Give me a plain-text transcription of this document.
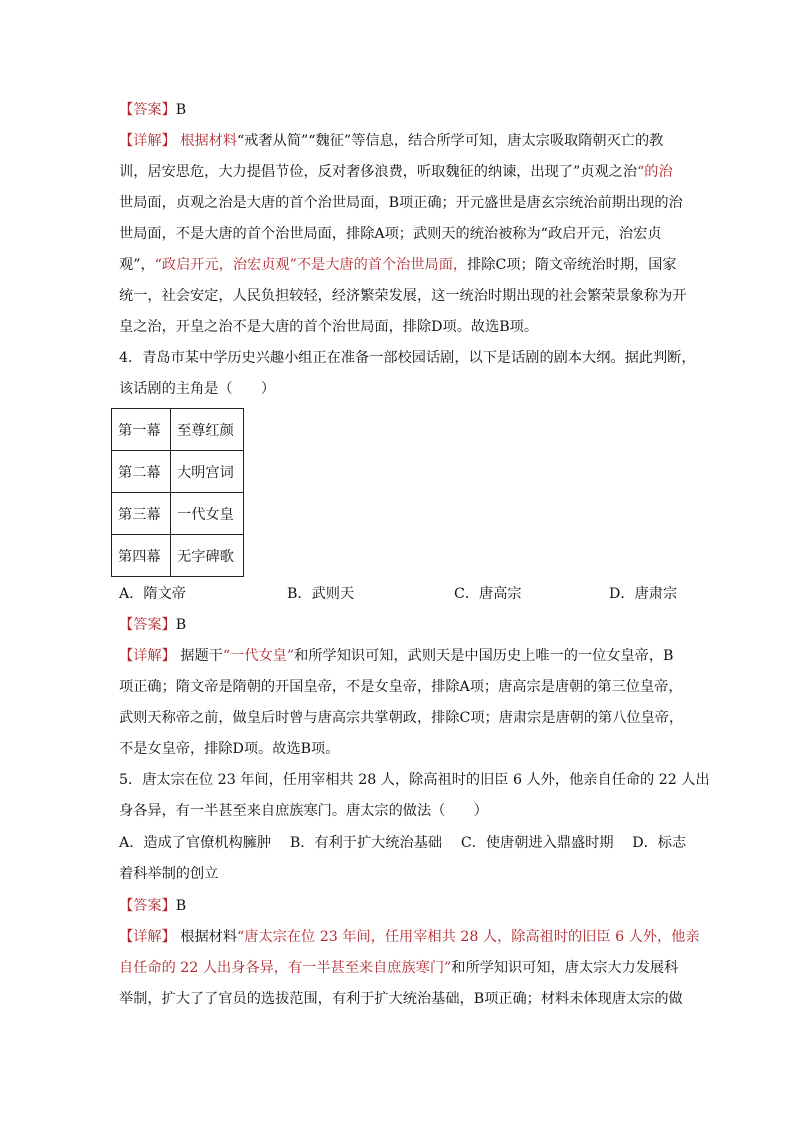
【答案】B
【详解】 根据材料“戒奢从简”“魏征”等信息，结合所学可知，唐太宗吸取隋朝灭亡的教
训，居安思危，大力提倡节俭，反对奢侈浪费，听取魏征的纳谏，出现了”贞观之治“的治
世局面，贞观之治是大唐的首个治世局面，B项正确；开元盛世是唐玄宗统治前期出现的治
世局面，不是大唐的首个治世局面，排除A项；武则天的统治被称为“政启开元，治宏贞
观”，“政启开元，治宏贞观”不是大唐的首个治世局面，排除C项；隋文帝统治时期，国家
统一，社会安定，人民负担较轻，经济繁荣发展，这一统治时期出现的社会繁荣景象称为开
皇之治，开皇之治不是大唐的首个治世局面，排除D项。故选B项。
4．青岛市某中学历史兴趣小组正在准备一部校园话剧，以下是话剧的剧本大纲。据此判断，
该话剧的主角是（　　）
第一幕	至尊红颜
第二幕	大明宫词
第三幕	一代女皇
第四幕	无字碑歌
A．隋文帝	B．武则天	C．唐高宗	D．唐肃宗
【答案】B
【详解】 据题干“一代女皇”和所学知识可知，武则天是中国历史上唯一的一位女皇帝，B
项正确；隋文帝是隋朝的开国皇帝，不是女皇帝，排除A项；唐高宗是唐朝的第三位皇帝，
武则天称帝之前，做皇后时曾与唐高宗共掌朝政，排除C项；唐肃宗是唐朝的第八位皇帝，
不是女皇帝，排除D项。故选B项。
5．唐太宗在位 23 年间，任用宰相共 28 人，除高祖时的旧臣 6 人外，他亲自任命的 22 人出
身各异，有一半甚至来自庶族寒门。唐太宗的做法（　　）
A．造成了官僚机构臃肿　 B．有利于扩大统治基础　 C．使唐朝进入鼎盛时期　 D．标志
着科举制的创立
【答案】B
【详解】 根据材料“唐太宗在位 23 年间，任用宰相共 28 人，除高祖时的旧臣 6 人外，他亲
自任命的 22 人出身各异，有一半甚至来自庶族寒门”和所学知识可知，唐太宗大力发展科
举制，扩大了了官员的选拔范围，有利于扩大统治基础，B项正确；材料未体现唐太宗的做
